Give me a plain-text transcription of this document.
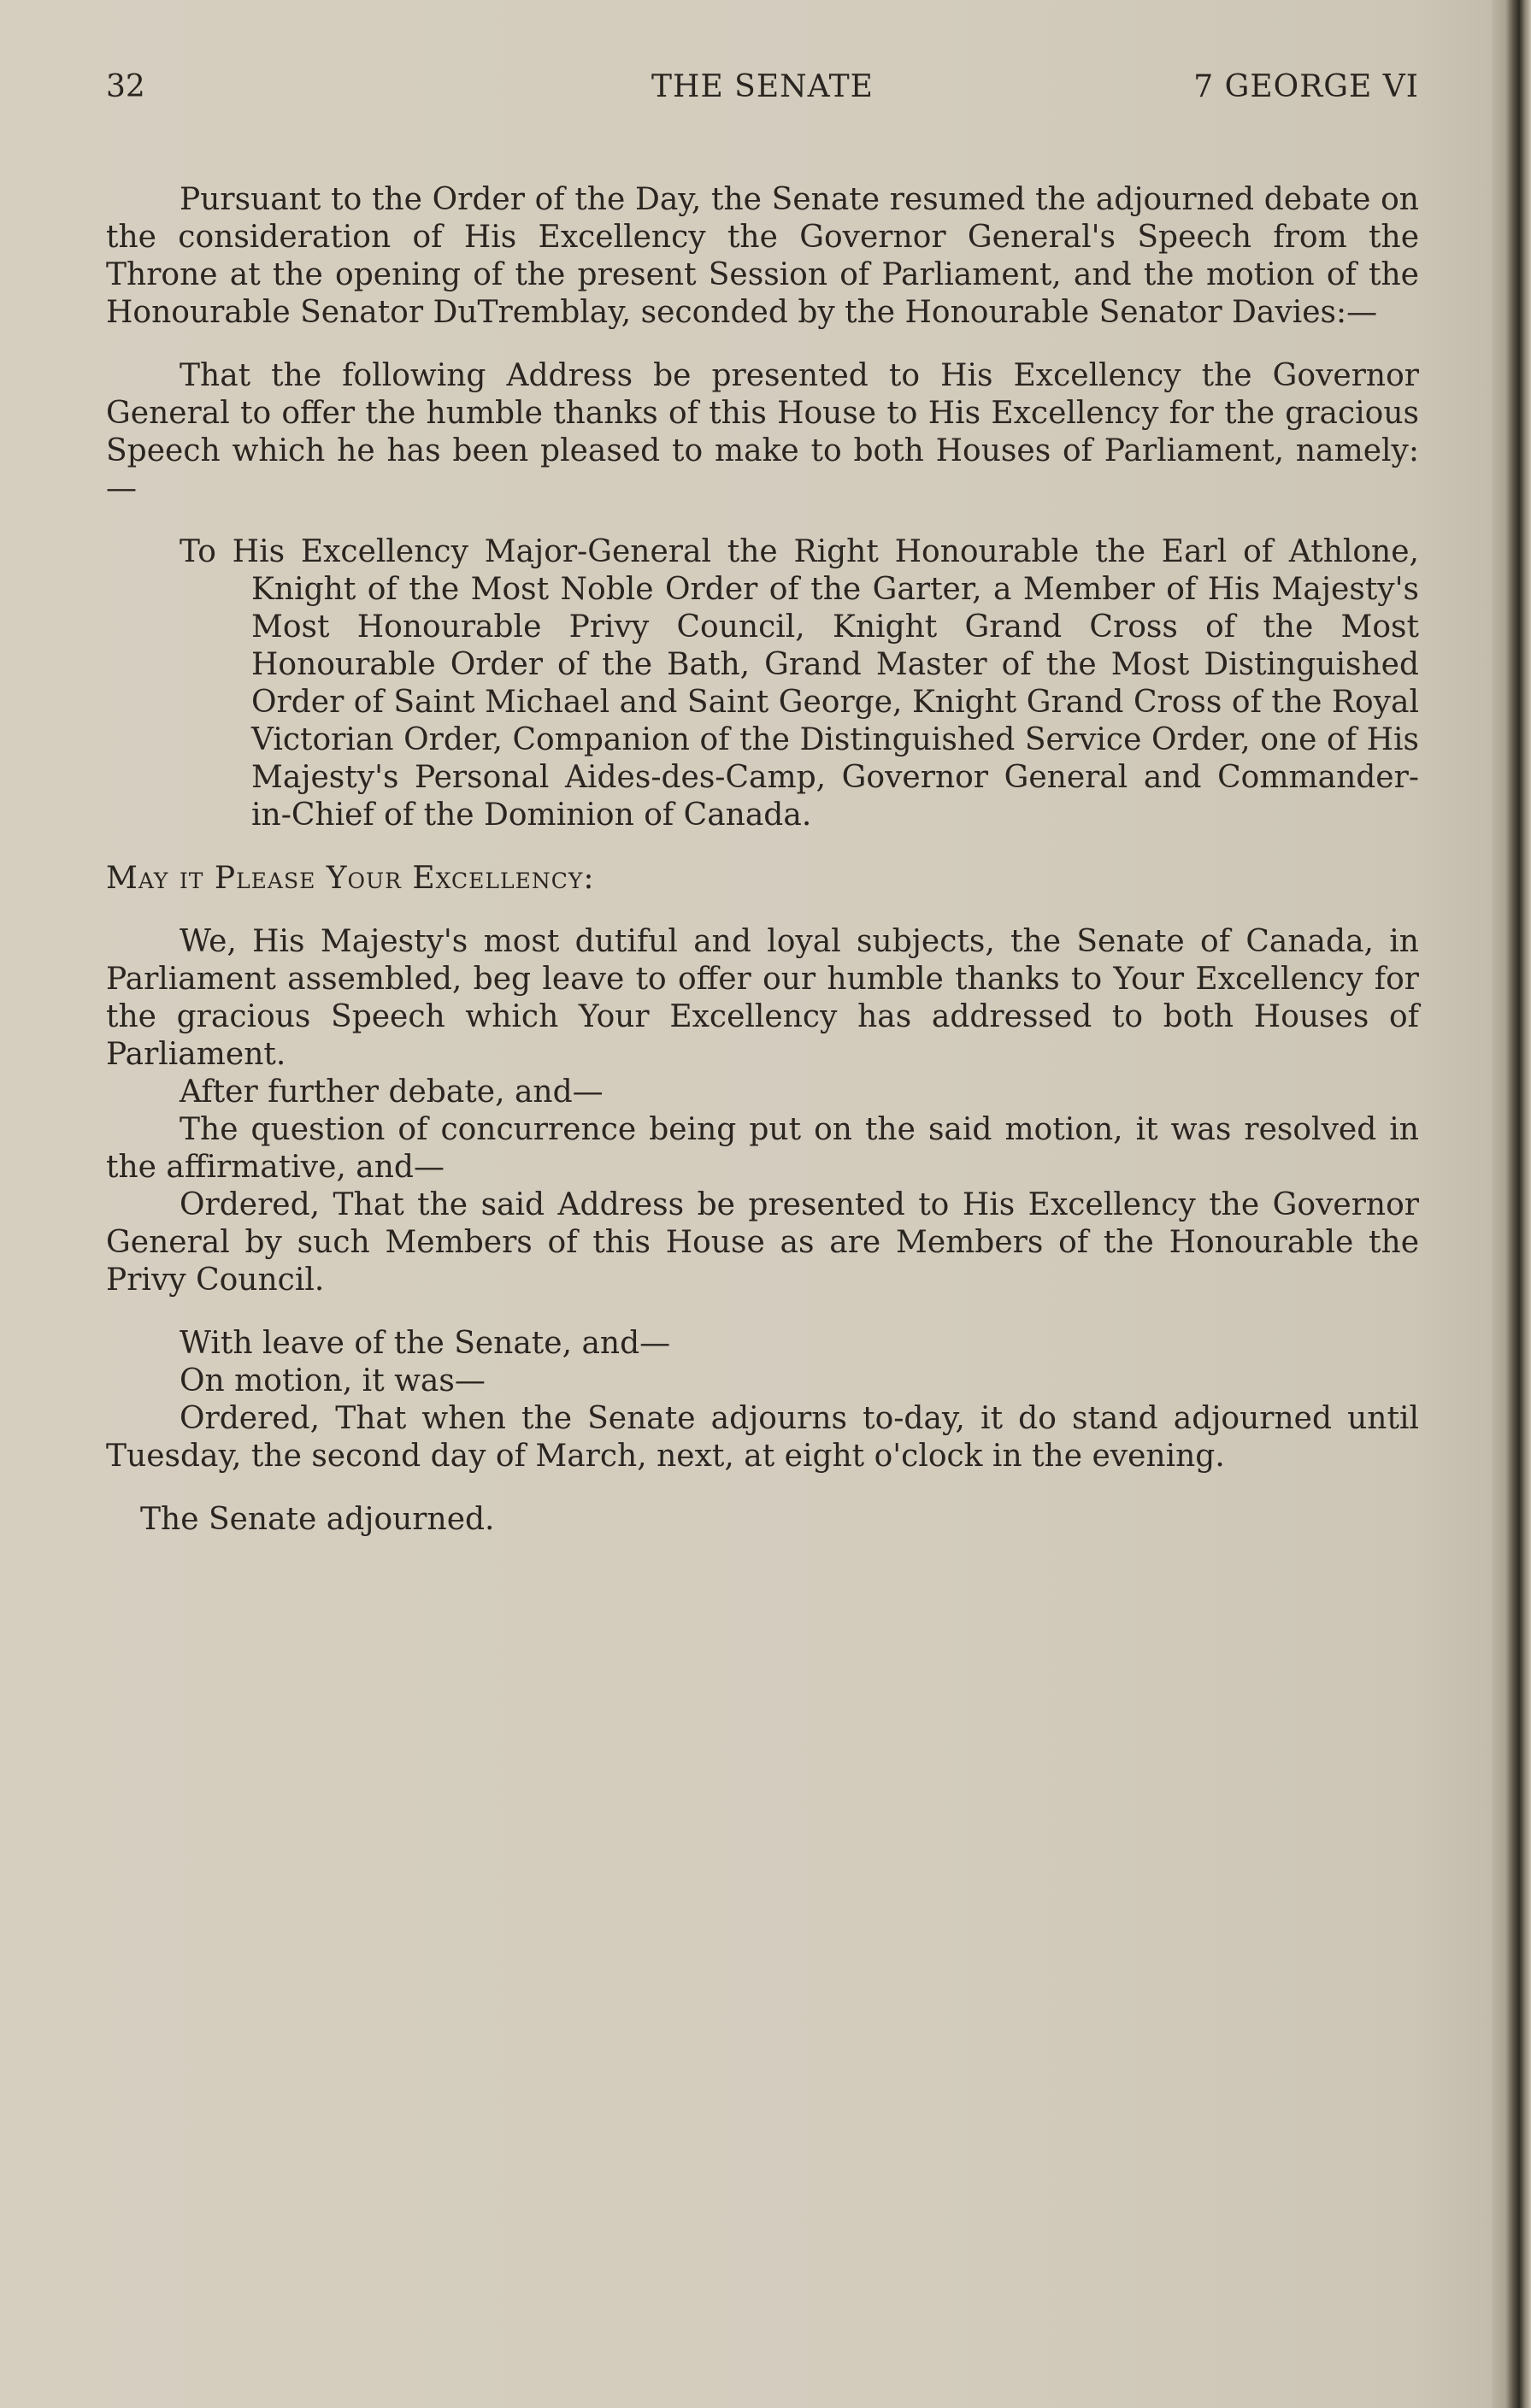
32	THE SENATE	7 GEORGE VI

Pursuant to the Order of the Day, the Senate resumed the adjourned debate on the consideration of His Excellency the Governor General's Speech from the Throne at the opening of the present Session of Parliament, and the motion of the Honourable Senator DuTremblay, seconded by the Honourable Senator Davies:—

That the following Address be presented to His Excellency the Governor General to offer the humble thanks of this House to His Excellency for the gracious Speech which he has been pleased to make to both Houses of Parliament, namely:—

To His Excellency Major-General the Right Honourable the Earl of Athlone, Knight of the Most Noble Order of the Garter, a Member of His Majesty's Most Honourable Privy Council, Knight Grand Cross of the Most Honourable Order of the Bath, Grand Master of the Most Distinguished Order of Saint Michael and Saint George, Knight Grand Cross of the Royal Victorian Order, Companion of the Distinguished Service Order, one of His Majesty's Personal Aides-des-Camp, Governor General and Commander-in-Chief of the Dominion of Canada.

May it Please Your Excellency:

We, His Majesty's most dutiful and loyal subjects, the Senate of Canada, in Parliament assembled, beg leave to offer our humble thanks to Your Excellency for the gracious Speech which Your Excellency has addressed to both Houses of Parliament.

After further debate, and—

The question of concurrence being put on the said motion, it was resolved in the affirmative, and—

Ordered, That the said Address be presented to His Excellency the Governor General by such Members of this House as are Members of the Honourable the Privy Council.

With leave of the Senate, and—

On motion, it was—

Ordered, That when the Senate adjourns to-day, it do stand adjourned until Tuesday, the second day of March, next, at eight o'clock in the evening.

The Senate adjourned.
